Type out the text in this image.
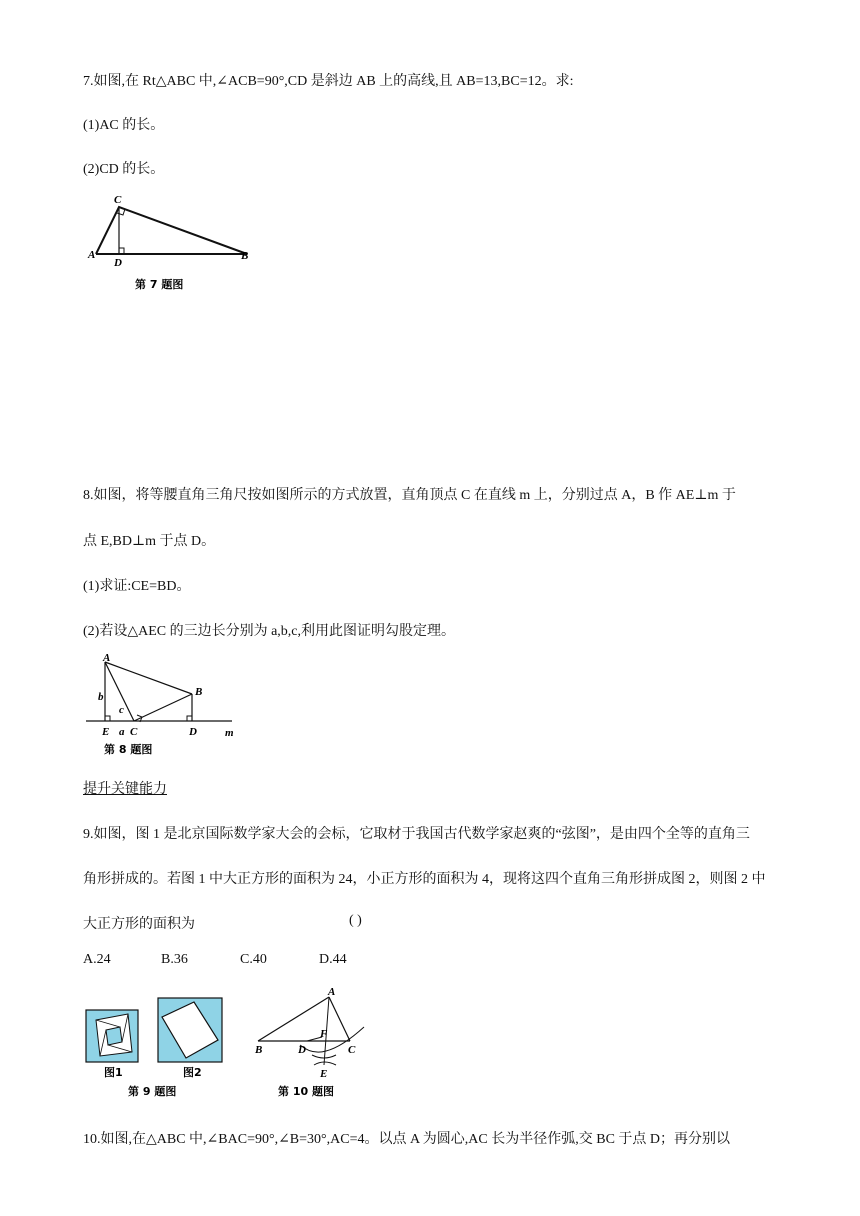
7.如图,在 Rt△ABC 中,∠ACB=90°,CD 是斜边 AB 上的高线,且 AB=13,BC=12。求:
(1)AC 的长。
(2)CD 的长。
A	B
C
D
第 7 题图
8.如图，将等腰直角三角尺按如图所示的方式放置，直角顶点 C 在直线 m 上，分别过点 A，B 作 AE⊥m 于
点 E,BD⊥m 于点 D。
(1)求证:CE=BD。
(2)若设△AEC 的三边长分别为 a,b,c,利用此图证明勾股定理。
A
B
b
c
E a C	D	m
第 8 题图
提升关键能力
9.如图，图 1 是北京国际数学家大会的会标，它取材于我国古代数学家赵爽的“弦图”，是由四个全等的直角三
角形拼成的。若图 1 中大正方形的面积为 24，小正方形的面积为 4，现将这四个直角三角形拼成图 2，则图 2 中
大正方形的面积为	( )
A.24	B.36	C.40	D.44
图1	图2
第 9 题图
A
B	D
F
C
E
第 10 题图
10.如图,在△ABC 中,∠BAC=90°,∠B=30°,AC=4。以点 A 为圆心,AC 长为半径作弧,交 BC 于点 D；再分别以
